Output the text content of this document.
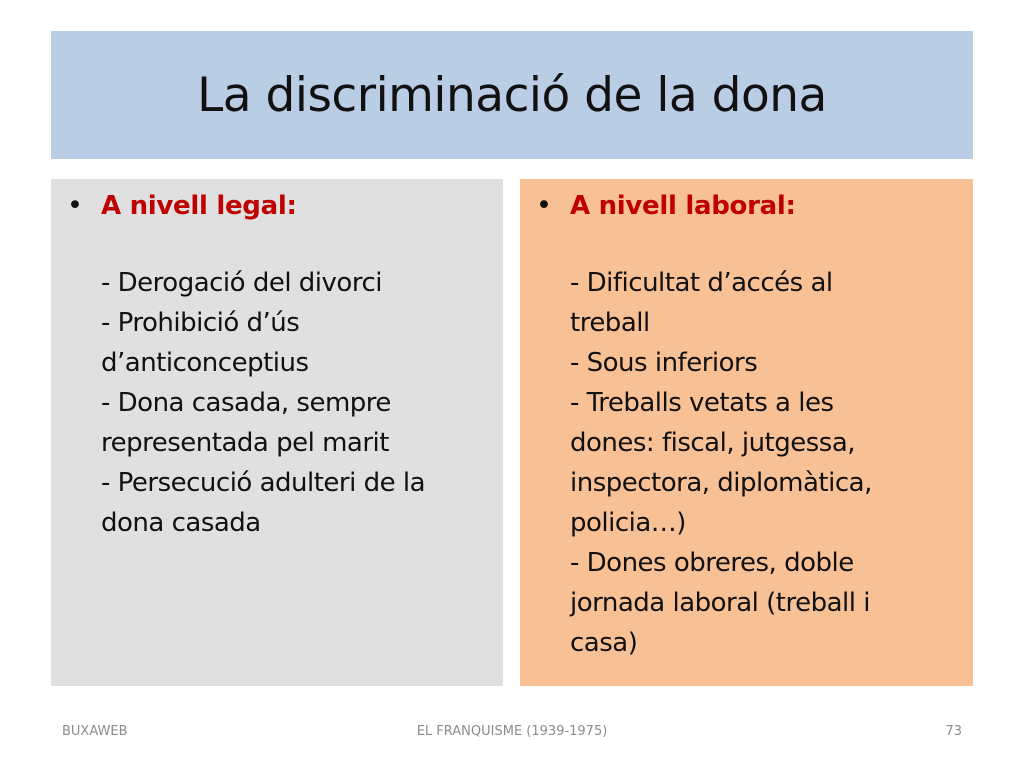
La discriminació de la dona
• A nivell legal:
- Derogació del divorci
- Prohibició d’ús
d’anticonceptius
- Dona casada, sempre
representada pel marit
- Persecució adulteri de la
dona casada
• A nivell laboral:
- Dificultat d’accés al
treball
- Sous inferiors
- Treballs vetats a les
dones: fiscal, jutgessa,
inspectora, diplomàtica,
policia…)
- Dones obreres, doble
jornada laboral (treball i
casa)
BUXAWEB	EL FRANQUISME (1939-1975)	73
